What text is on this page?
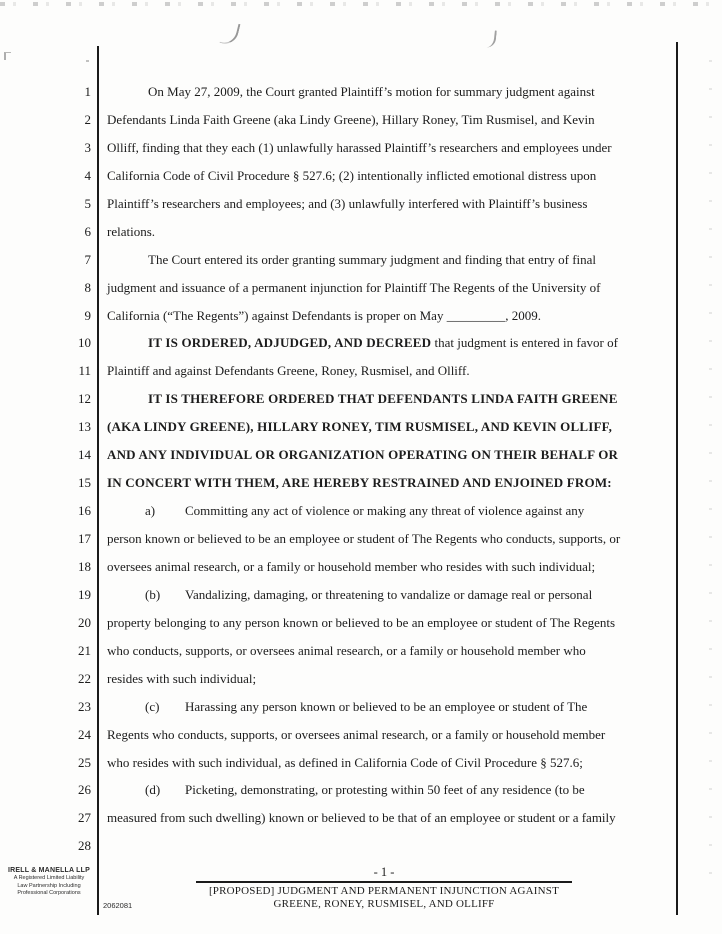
1
2
3
4
5
6
7
8
9
10
11
12
13
14
15
16
17
18
19
20
21
22
23
24
25
26
27
28
On May 27, 2009, the Court granted Plaintiff’s motion for summary judgment against
Defendants Linda Faith Greene (aka Lindy Greene), Hillary Roney, Tim Rusmisel, and Kevin
Olliff, finding that they each (1) unlawfully harassed Plaintiff’s researchers and employees under
California Code of Civil Procedure § 527.6; (2) intentionally inflicted emotional distress upon
Plaintiff’s researchers and employees; and (3) unlawfully interfered with Plaintiff’s business
relations.
The Court entered its order granting summary judgment and finding that entry of final
judgment and issuance of a permanent injunction for Plaintiff The Regents of the University of
California (“The Regents”) against Defendants is proper on May _________, 2009.
IT IS ORDERED, ADJUDGED, AND DECREED that judgment is entered in favor of
Plaintiff and against Defendants Greene, Roney, Rusmisel, and Olliff.
IT IS THEREFORE ORDERED THAT DEFENDANTS LINDA FAITH GREENE
(AKA LINDY GREENE), HILLARY RONEY, TIM RUSMISEL, AND KEVIN OLLIFF,
AND ANY INDIVIDUAL OR ORGANIZATION OPERATING ON THEIR BEHALF OR
IN CONCERT WITH THEM, ARE HEREBY RESTRAINED AND ENJOINED FROM:
a) Committing any act of violence or making any threat of violence against any
person known or believed to be an employee or student of The Regents who conducts, supports, or
oversees animal research, or a family or household member who resides with such individual;
(b) Vandalizing, damaging, or threatening to vandalize or damage real or personal
property belonging to any person known or believed to be an employee or student of The Regents
who conducts, supports, or oversees animal research, or a family or household member who
resides with such individual;
(c) Harassing any person known or believed to be an employee or student of The
Regents who conducts, supports, or oversees animal research, or a family or household member
who resides with such individual, as defined in California Code of Civil Procedure § 527.6;
(d) Picketing, demonstrating, or protesting within 50 feet of any residence (to be
measured from such dwelling) known or believed to be that of an employee or student or a family
IRELL & MANELLA LLP
A Registered Limited Liability
Law Partnership Including
Professional Corporations
2062081
- 1 -
[PROPOSED] JUDGMENT AND PERMANENT INJUNCTION AGAINST
GREENE, RONEY, RUSMISEL, AND OLLIFF
